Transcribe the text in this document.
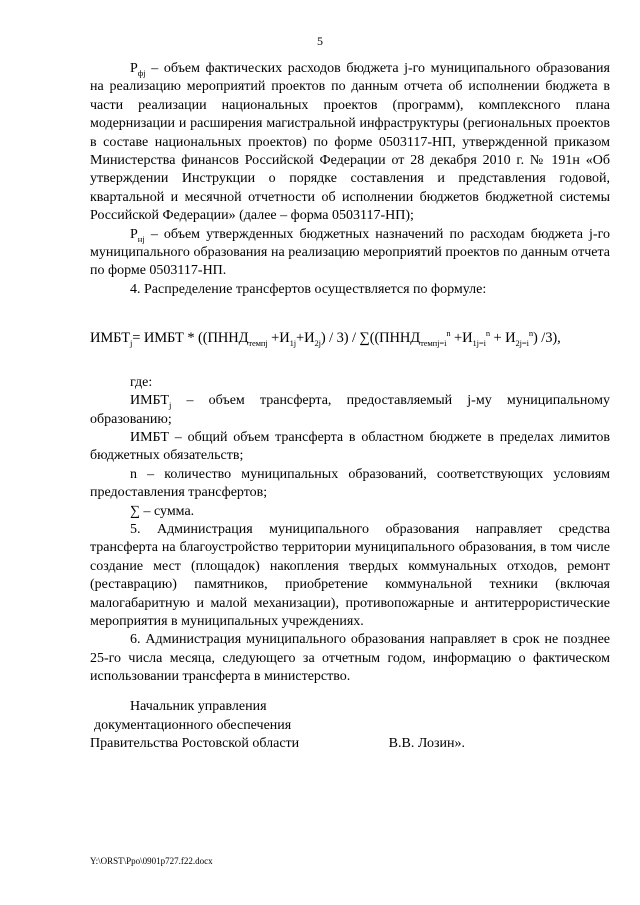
5

$Р_{фj}$ – объем фактических расходов бюджета j-го муниципального образования на реализацию мероприятий проектов по данным отчета об исполнении бюджета в части реализации национальных проектов (программ), комплексного плана модернизации и расширения магистральной инфраструктуры (региональных проектов в составе национальных проектов) по форме 0503117-НП, утвержденной приказом Министерства финансов Российской Федерации от 28 декабря 2010 г. № 191н «Об утверждении Инструкции о порядке составления и представления годовой, квартальной и месячной отчетности об исполнении бюджетов бюджетной системы Российской Федерации» (далее – форма 0503117-НП);

$Р_{нj}$ – объем утвержденных бюджетных назначений по расходам бюджета j-го муниципального образования на реализацию мероприятий проектов по данным отчета по форме 0503117-НП.

4. Распределение трансфертов осуществляется по формуле:

$ИМБТ_j=$ ИМБТ * $((ПННД_{темпj} +И_{1j}+И_{2j}) / 3)$ / $\sum((ПННД_{темпj=i}^n +И_{1j=i}^n + И_{2j=i}^n)$ /3),

где:

$ИМБТ_j$ – объем трансферта, предоставляемый j-му муниципальному образованию;

ИМБТ – общий объем трансферта в областном бюджете в пределах лимитов бюджетных обязательств;

n – количество муниципальных образований, соответствующих условиям предоставления трансфертов;

∑ – сумма.

5. Администрация муниципального образования направляет средства трансферта на благоустройство территории муниципального образования, в том числе создание мест (площадок) накопления твердых коммунальных отходов, ремонт (реставрацию) памятников, приобретение коммунальной техники (включая малогабаритную и малой механизации), противопожарные и антитеррористические мероприятия в муниципальных учреждениях.

6. Администрация муниципального образования направляет в срок не позднее 25-го числа месяца, следующего за отчетным годом, информацию о фактическом использовании трансферта в министерство.

Начальник управления

документационного обеспечения

Правительства Ростовской области	В.В. Лозин».
Y:\ORST\Ppo\0901p727.f22.docx
